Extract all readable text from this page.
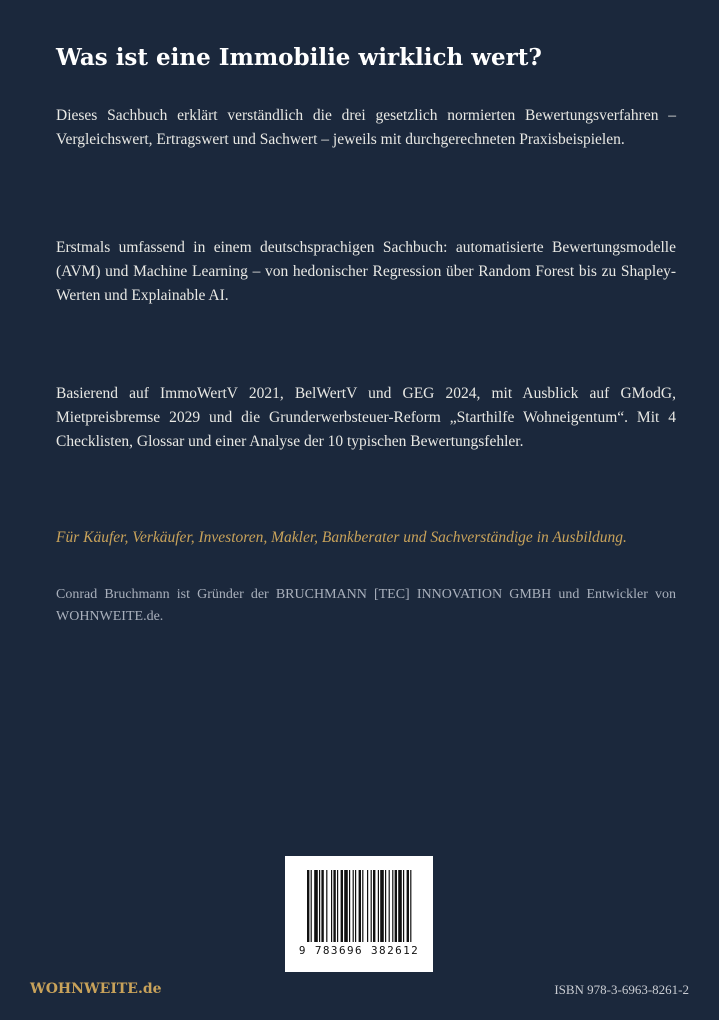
Was ist eine Immobilie wirklich wert?

Dieses Sachbuch erklärt verständlich die drei gesetzlich normierten Bewertungsverfahren – Vergleichswert, Ertragswert und Sachwert – jeweils mit durchgerechneten Praxisbeispielen.

Erstmals umfassend in einem deutschsprachigen Sachbuch: automatisierte Bewertungsmodelle (AVM) und Machine Learning – von hedonischer Regression über Random Forest bis zu Shapley-Werten und Explainable AI.

Basierend auf ImmoWertV 2021, BelWertV und GEG 2024, mit Ausblick auf GModG, Mietpreisbremse 2029 und die Grunderwerbsteuer-Reform „Starthilfe Wohneigentum“. Mit 4 Checklisten, Glossar und einer Analyse der 10 typischen Bewertungsfehler.

Für Käufer, Verkäufer, Investoren, Makler, Bankberater und Sachverständige in Ausbildung.

Conrad Bruchmann ist Gründer der BRUCHMANN [TEC] INNOVATION GMBH und Entwickler von WOHNWEITE.de.

9 783696 382612
WOHNWEITE.de	ISBN 978-3-6963-8261-2
